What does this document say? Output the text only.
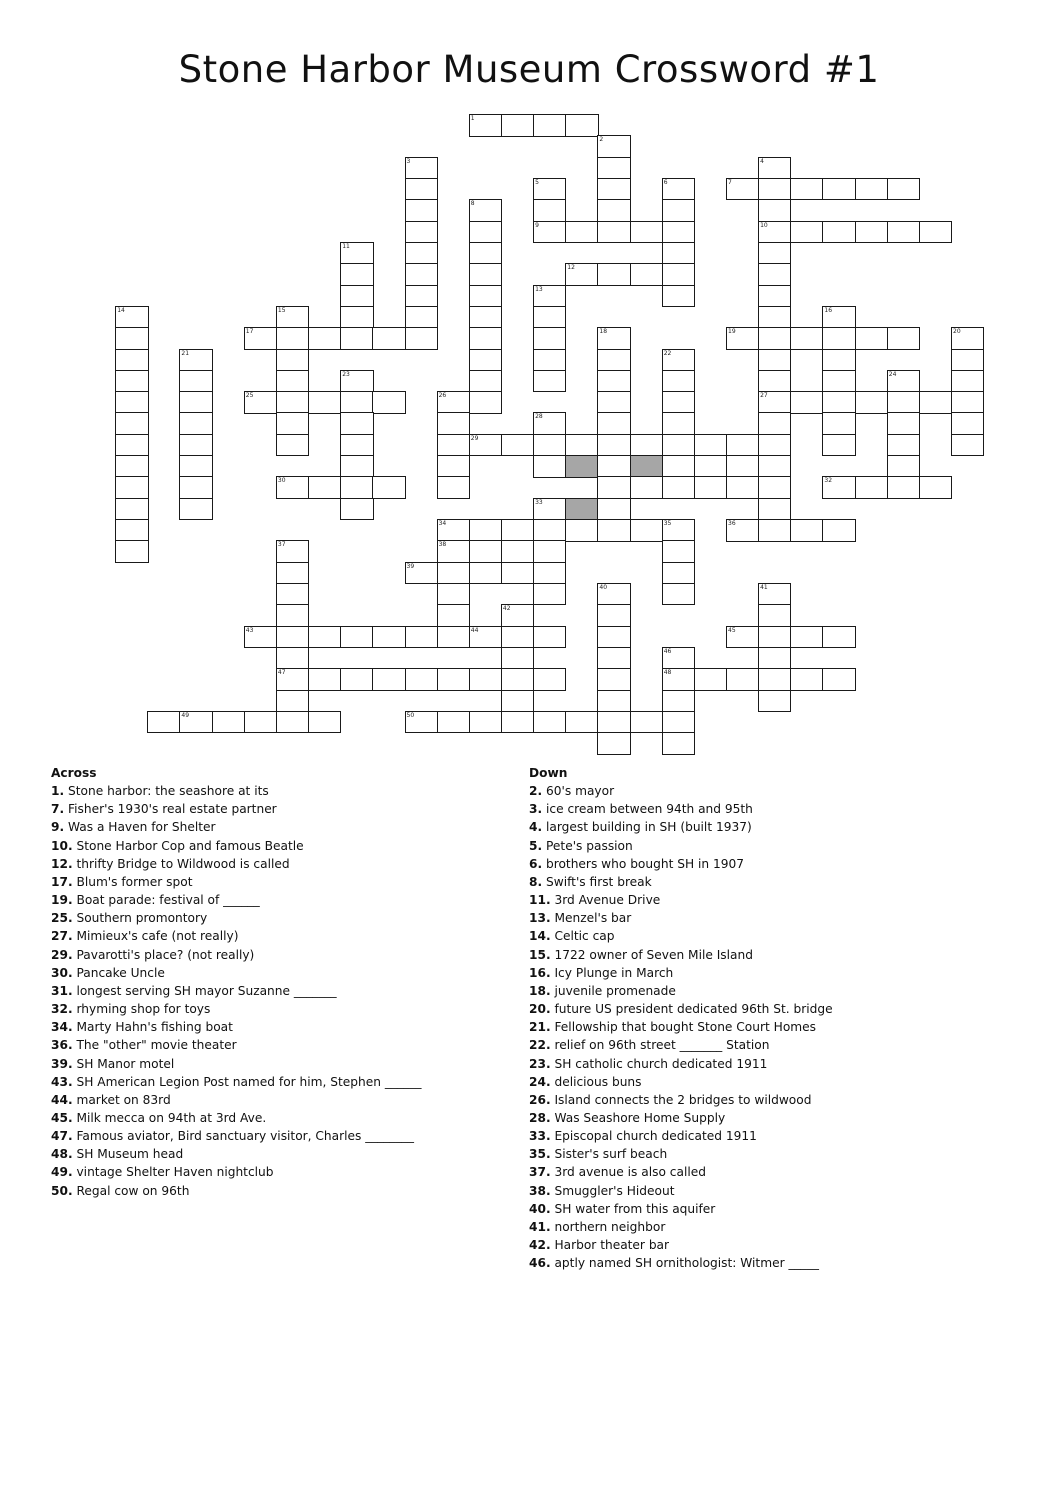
Stone Harbor Museum Crossword #1
1
2
3	4
5	6	7
8
9	10
11
12
13
14	15	16
17	18	19	20
21	22
23	24
25	26	27
28
29
30	32
33
34	35	36
37	38
39
40	41
42
43	44	45
46
47	48
49	50
Across
1. Stone harbor: the seashore at its
7. Fisher's 1930's real estate partner
9. Was a Haven for Shelter
10. Stone Harbor Cop and famous Beatle
12. thrifty Bridge to Wildwood is called
17. Blum's former spot
19. Boat parade: festival of ______
25. Southern promontory
27. Mimieux's cafe (not really)
29. Pavarotti's place? (not really)
30. Pancake Uncle
31. longest serving SH mayor Suzanne _______
32. rhyming shop for toys
34. Marty Hahn's fishing boat
36. The "other" movie theater
39. SH Manor motel
43. SH American Legion Post named for him, Stephen ______
44. market on 83rd
45. Milk mecca on 94th at 3rd Ave.
47. Famous aviator, Bird sanctuary visitor, Charles ________
48. SH Museum head
49. vintage Shelter Haven nightclub
50. Regal cow on 96th
Down
2. 60's mayor
3. ice cream between 94th and 95th
4. largest building in SH (built 1937)
5. Pete's passion
6. brothers who bought SH in 1907
8. Swift's first break
11. 3rd Avenue Drive
13. Menzel's bar
14. Celtic cap
15. 1722 owner of Seven Mile Island
16. Icy Plunge in March
18. juvenile promenade
20. future US president dedicated 96th St. bridge
21. Fellowship that bought Stone Court Homes
22. relief on 96th street _______ Station
23. SH catholic church dedicated 1911
24. delicious buns
26. Island connects the 2 bridges to wildwood
28. Was Seashore Home Supply
33. Episcopal church dedicated 1911
35. Sister's surf beach
37. 3rd avenue is also called
38. Smuggler's Hideout
40. SH water from this aquifer
41. northern neighbor
42. Harbor theater bar
46. aptly named SH ornithologist: Witmer _____
